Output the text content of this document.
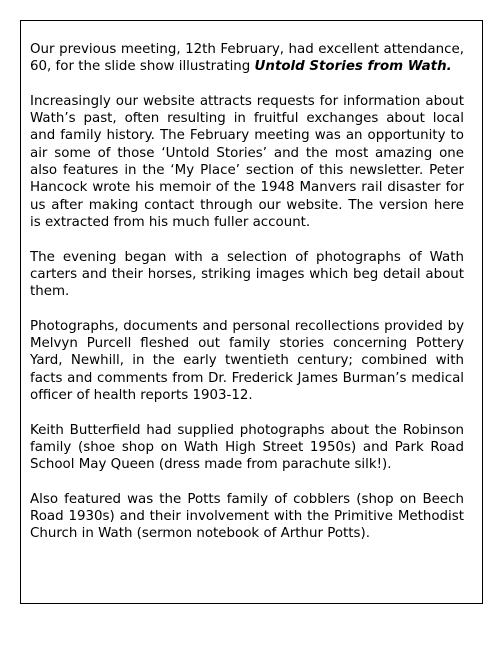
Our previous meeting, 12th February, had excellent attendance, 60, for the slide show illustrating Untold Stories from Wath.

Increasingly our website attracts requests for information about Wath’s past, often resulting in fruitful exchanges about local and family history. The February meeting was an opportunity to air some of those ‘Untold Stories’ and the most amazing one also features in the ‘My Place’ section of this newsletter. Peter Hancock wrote his memoir of the 1948 Manvers rail disaster for us after making contact through our website. The version here is extracted from his much fuller account.

The evening began with a selection of photographs of Wath carters and their horses, striking images which beg detail about them.

Photographs, documents and personal recollections provided by Melvyn Purcell fleshed out family stories concerning Pottery Yard, Newhill, in the early twentieth century; combined with facts and comments from Dr. Frederick James Burman’s medical officer of health reports 1903-12.

Keith Butterfield had supplied photographs about the Robinson family (shoe shop on Wath High Street 1950s) and Park Road School May Queen (dress made from parachute silk!).

Also featured was the Potts family of cobblers (shop on Beech Road 1930s) and their involvement with the Primitive Methodist Church in Wath (sermon notebook of Arthur Potts).
